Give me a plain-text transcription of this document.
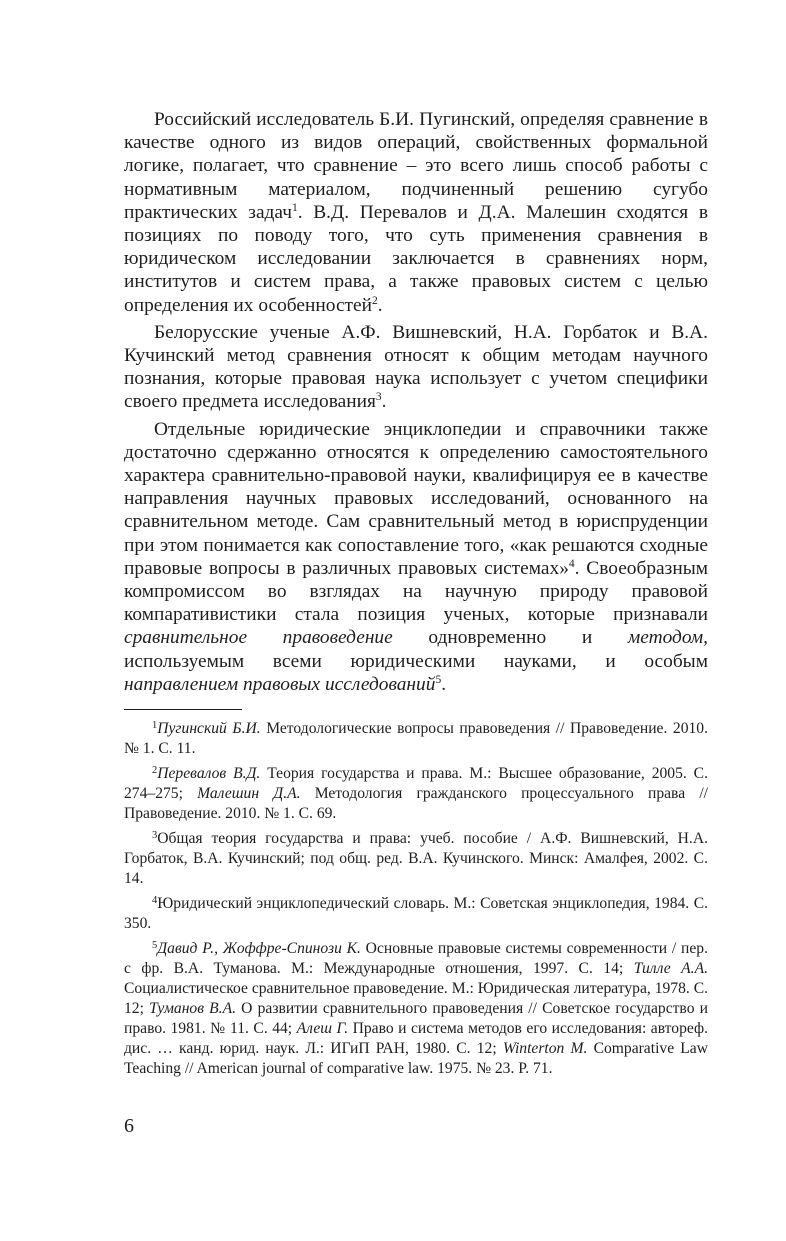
Российский исследователь Б.И. Пугинский, определяя сравнение в качестве одного из видов операций, свойственных формальной логике, полагает, что сравнение – это всего лишь способ работы с нормативным материалом, подчиненный решению сугубо практических задач$^1$. В.Д. Перевалов и Д.А. Малешин сходятся в позициях по поводу того, что суть применения сравнения в юридическом исследовании заключается в сравнениях норм, институтов и систем права, а также правовых систем с целью определения их особенностей$^2$.
Белорусские ученые А.Ф. Вишневский, Н.А. Горбаток и В.А. Кучинский метод сравнения относят к общим методам научного познания, которые правовая наука использует с учетом специфики своего предмета исследования$^3$.
Отдельные юридические энциклопедии и справочники также достаточно сдержанно относятся к определению самостоятельного характера сравнительно-правовой науки, квалифицируя ее в качестве направления научных правовых исследований, основанного на сравнительном методе. Сам сравнительный метод в юриспруденции при этом понимается как сопоставление того, «как решаются сходные правовые вопросы в различных правовых системах»$^4$. Своеобразным компромиссом во взглядах на научную природу правовой компаративистики стала позиция ученых, которые признавали сравнительное правоведение одновременно и методом, используемым всеми юридическими науками, и особым направлением правовых исследований$^5$.
$^1$Пугинский Б.И. Методологические вопросы правоведения // Правоведение. 2010. № 1. С. 11.
$^2$Перевалов В.Д. Теория государства и права. М.: Высшее образование, 2005. С. 274–275; Малешин Д.А. Методология гражданского процессуального права // Правоведение. 2010. № 1. С. 69.
$^3$Общая теория государства и права: учеб. пособие / А.Ф. Вишневский, Н.А. Горбаток, В.А. Кучинский; под общ. ред. В.А. Кучинского. Минск: Амалфея, 2002. С. 14.
$^4$Юридический энциклопедический словарь. М.: Советская энциклопедия, 1984. С. 350.
$^5$Давид Р., Жоффре-Спинози К. Основные правовые системы современности / пер. с фр. В.А. Туманова. М.: Международные отношения, 1997. С. 14; Тилле А.А. Социалистическое сравнительное правоведение. М.: Юридическая литература, 1978. С. 12; Туманов В.А. О развитии сравнительного правоведения // Советское государство и право. 1981. № 11. С. 44; Алеш Г. Право и система методов его исследования: автореф. дис. … канд. юрид. наук. Л.: ИГиП РАН, 1980. С. 12; Winterton M. Comparative Law Teaching // American journal of comparative law. 1975. № 23. P. 71.
6
